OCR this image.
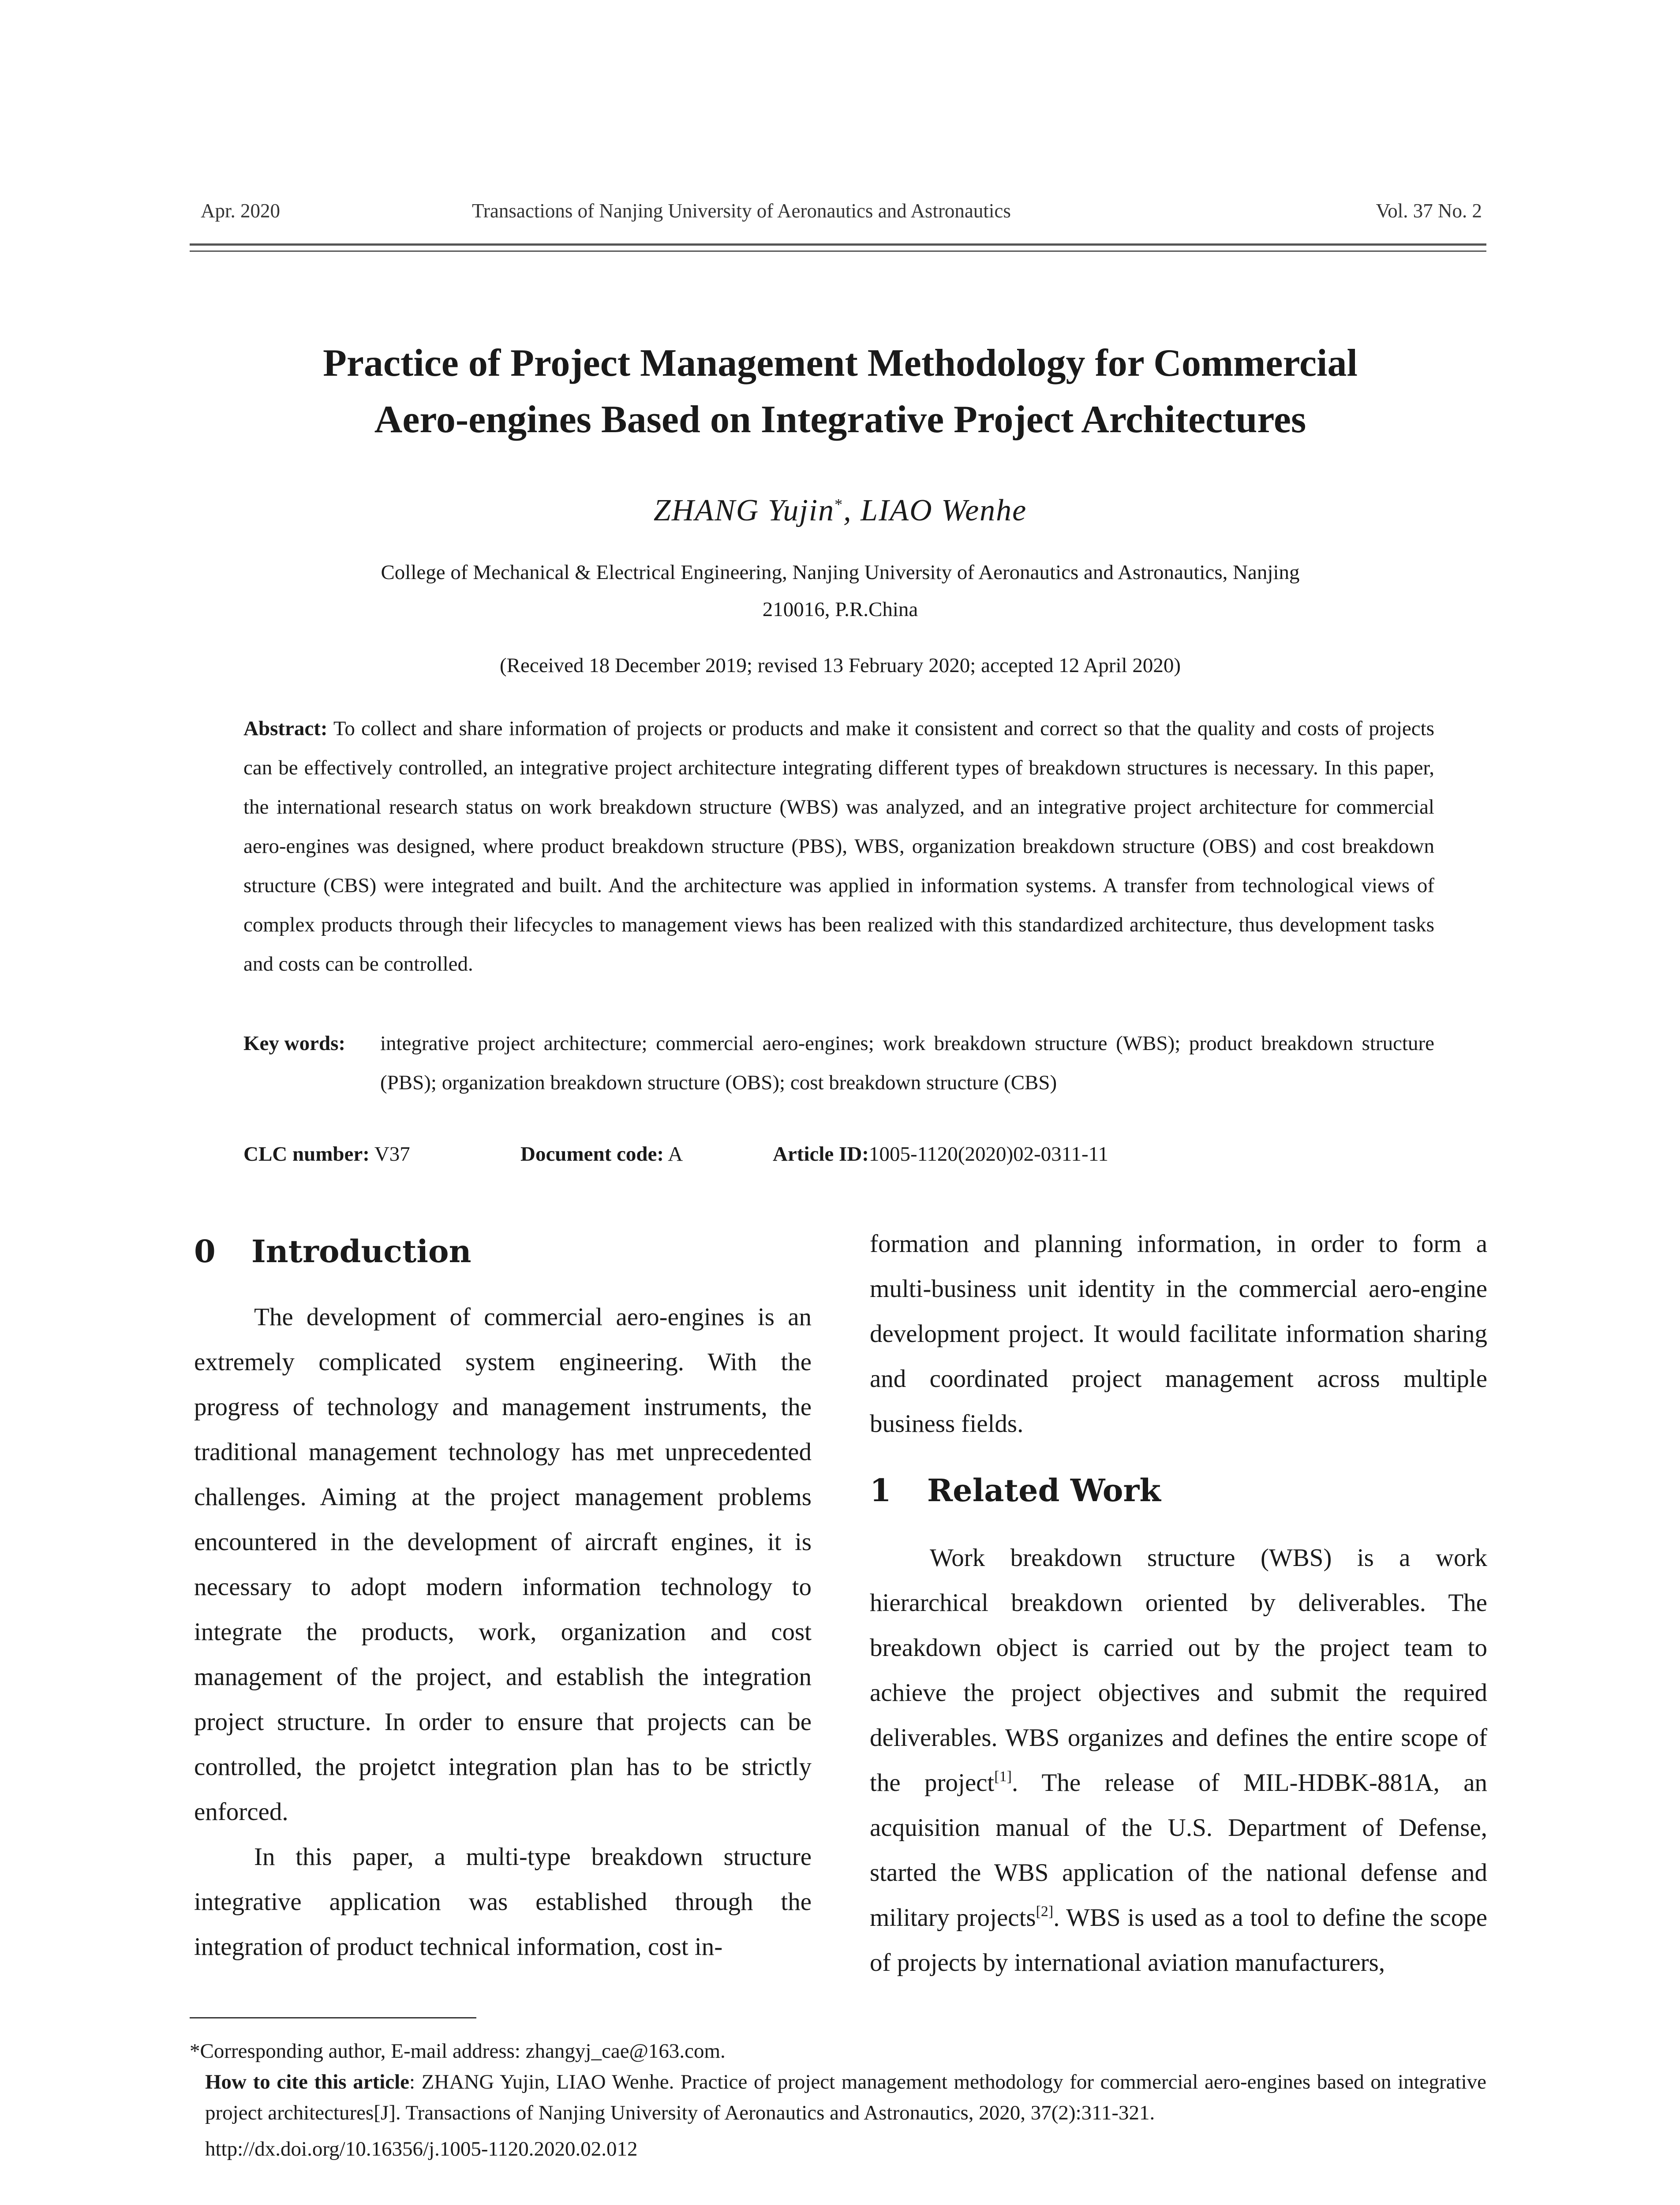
Apr. 2020	Transactions of Nanjing University of Aeronautics and Astronautics	Vol. 37 No. 2
Practice of Project Management Methodology for Commercial
Aero-engines Based on Integrative Project Architectures
ZHANG Yujin*, LIAO Wenhe
College of Mechanical & Electrical Engineering, Nanjing University of Aeronautics and Astronautics, Nanjing
210016, P.R.China
(Received 18 December 2019; revised 13 February 2020; accepted 12 April 2020)
Abstract: To collect and share information of projects or products and make it consistent and correct so that the quality and costs of projects can be effectively controlled, an integrative project architecture integrating different types of breakdown structures is necessary. In this paper, the international research status on work breakdown structure (WBS) was analyzed, and an integrative project architecture for commercial aero-engines was designed, where product breakdown structure (PBS), WBS, organization breakdown structure (OBS) and cost breakdown structure (CBS) were integrated and built. And the architecture was applied in information systems. A transfer from technological views of complex products through their lifecycles to management views has been realized with this standardized architecture, thus development tasks and costs can be controlled.
Key words: integrative project architecture; commercial aero-engines; work breakdown structure (WBS); product breakdown structure (PBS); organization breakdown structure (OBS); cost breakdown structure (CBS)
CLC number: V37	Document code: A	Article ID:1005-1120(2020)02-0311-11
0 Introduction

The development of commercial aero-engines is an extremely complicated system engineering. With the progress of technology and management instruments, the traditional management technology has met unprecedented challenges. Aiming at the project management problems encountered in the development of aircraft engines, it is necessary to adopt modern information technology to integrate the products, work, organization and cost management of the project, and establish the integration project structure. In order to ensure that projects can be controlled, the projetct integration plan has to be strictly enforced.

In this paper, a multi-type breakdown structure integrative application was established through the integration of product technical information, cost in-

formation and planning information, in order to form a multi-business unit identity in the commercial aero-engine development project. It would facilitate information sharing and coordinated project management across multiple business fields.

1 Related Work

Work breakdown structure (WBS) is a work hierarchical breakdown oriented by deliverables. The breakdown object is carried out by the project team to achieve the project objectives and submit the required deliverables. WBS organizes and defines the entire scope of the project[1]. The release of MIL-HDBK-881A, an acquisition manual of the U.S. Department of Defense, started the WBS application of the national defense and military projects[2]. WBS is used as a tool to define the scope of projects by international aviation manufacturers,

*Corresponding author, E-mail address: zhangyj_cae@163.com.

How to cite this article: ZHANG Yujin, LIAO Wenhe. Practice of project management methodology for commercial aero-engines based on integrative project architectures[J]. Transactions of Nanjing University of Aeronautics and Astronautics, 2020, 37(2):311-321.

http://dx.doi.org/10.16356/j.1005-1120.2020.02.012
